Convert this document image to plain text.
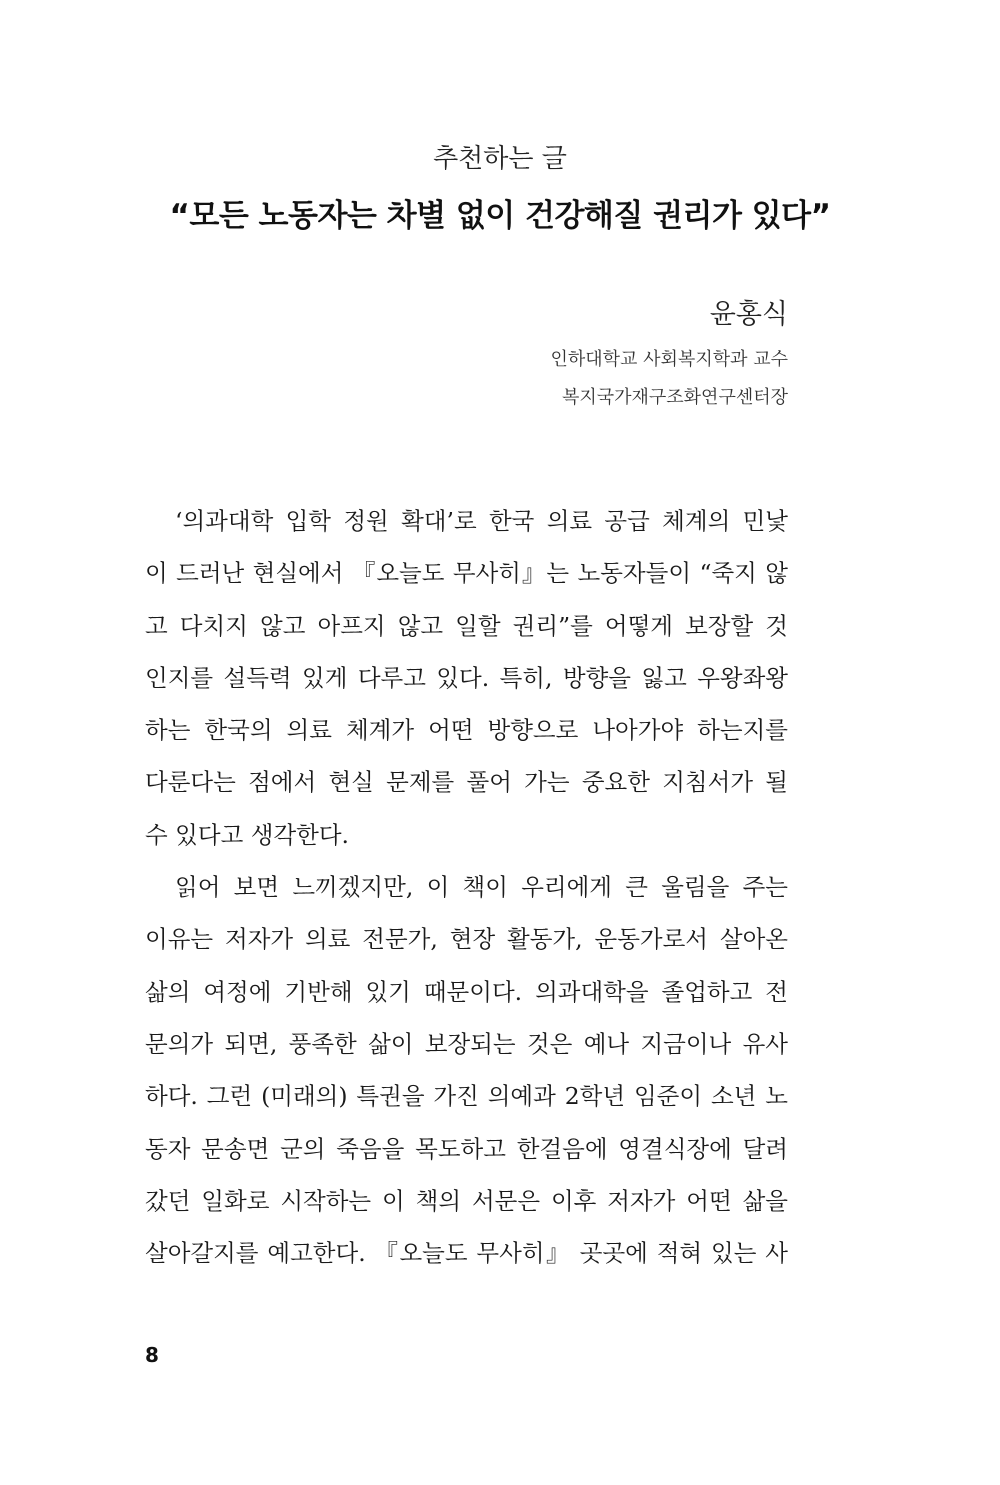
추천하는 글
“모든 노동자는 차별 없이 건강해질 권리가 있다”
윤홍식
인하대학교 사회복지학과 교수
복지국가재구조화연구센터장
‘의과대학 입학 정원 확대’로 한국 의료 공급 체계의 민낯
이 드러난 현실에서 『오늘도 무사히』는 노동자들이 “죽지 않
고 다치지 않고 아프지 않고 일할 권리”를 어떻게 보장할 것
인지를 설득력 있게 다루고 있다. 특히, 방향을 잃고 우왕좌왕
하는 한국의 의료 체계가 어떤 방향으로 나아가야 하는지를
다룬다는 점에서 현실 문제를 풀어 가는 중요한 지침서가 될
수 있다고 생각한다.
읽어 보면 느끼겠지만, 이 책이 우리에게 큰 울림을 주는
이유는 저자가 의료 전문가, 현장 활동가, 운동가로서 살아온
삶의 여정에 기반해 있기 때문이다. 의과대학을 졸업하고 전
문의가 되면, 풍족한 삶이 보장되는 것은 예나 지금이나 유사
하다. 그런 (미래의) 특권을 가진 의예과 2학년 임준이 소년 노
동자 문송면 군의 죽음을 목도하고 한걸음에 영결식장에 달려
갔던 일화로 시작하는 이 책의 서문은 이후 저자가 어떤 삶을
살아갈지를 예고한다. 『오늘도 무사히』 곳곳에 적혀 있는 사
8
